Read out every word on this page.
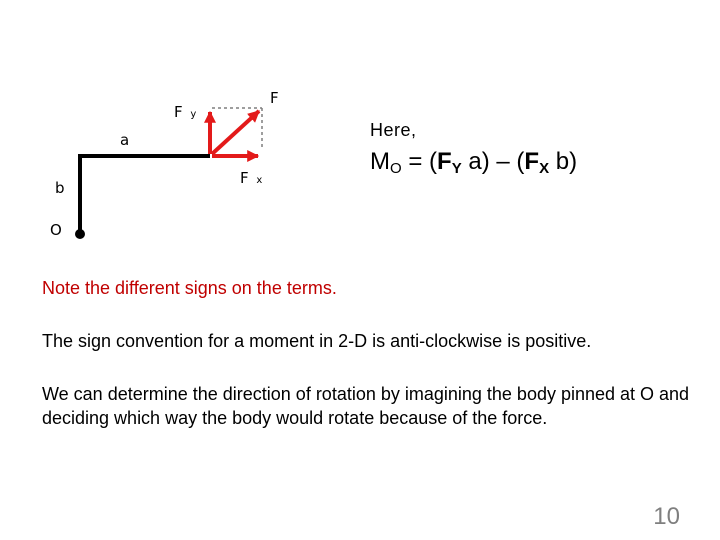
a
b
O
F
F y
F x
Here,
$M_O = (FY$ a) – (FX b)
Note the different signs on the terms.
The sign convention for a moment in 2-D is anti-clockwise is positive.
We can determine the direction of rotation by imagining the body pinned at O and deciding which way the body would rotate because of the force.
10
